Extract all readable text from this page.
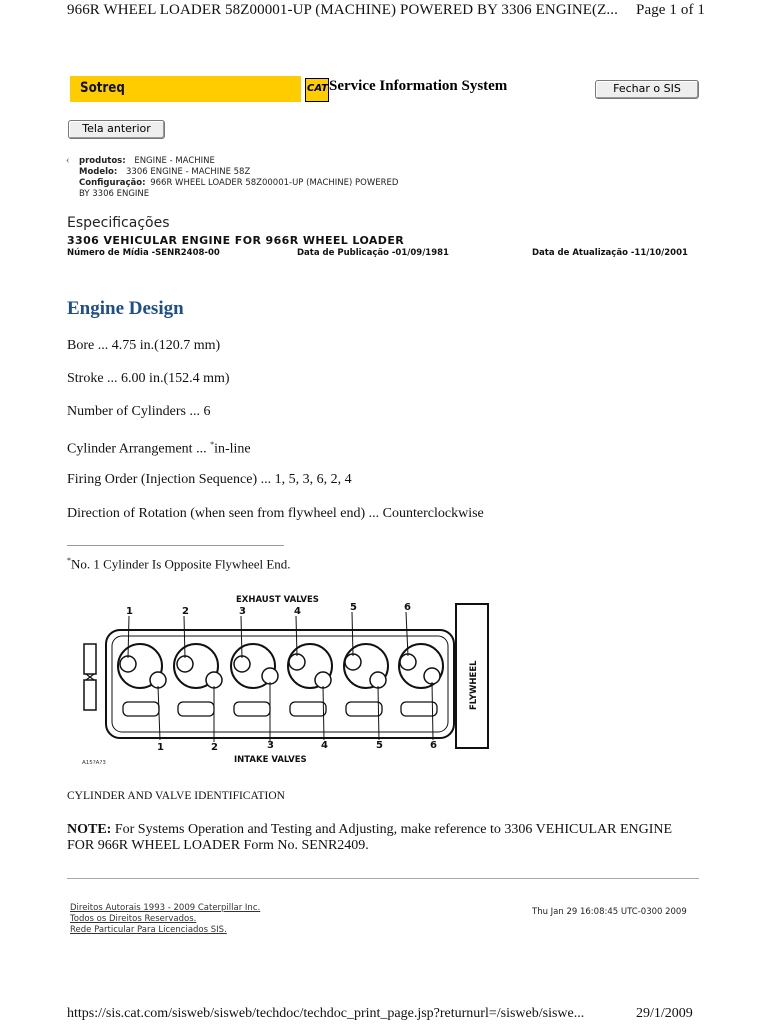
966R WHEEL LOADER 58Z00001-UP (MACHINE) POWERED BY 3306 ENGINE(Z... Page 1 of 1
Sotreq	CAT Service Information System	Fechar o SIS
Tela anterior
‹ produtos: ENGINE - MACHINE
Modelo: 3306 ENGINE - MACHINE 58Z
Configuração: 966R WHEEL LOADER 58Z00001-UP (MACHINE) POWERED
BY 3306 ENGINE
Especificações
3306 VEHICULAR ENGINE FOR 966R WHEEL LOADER
Número de Mídia -SENR2408-00	Data de Publicação -01/09/1981	Data de Atualização -11/10/2001
Engine Design
Bore ... 4.75 in.(120.7 mm)
Stroke ... 6.00 in.(152.4 mm)
Number of Cylinders ... 6
Cylinder Arrangement ... *in-line
Firing Order (Injection Sequence) ... 1, 5, 3, 6, 2, 4
Direction of Rotation (when seen from flywheel end) ... Counterclockwise
*No. 1 Cylinder Is Opposite Flywheel End.
1	2	3	4	5	6
1	2	3	4	5	6
EXHAUST VALVES
INTAKE VALVES
A15?A?3
FLYWHEEL
CYLINDER AND VALVE IDENTIFICATION
NOTE: For Systems Operation and Testing and Adjusting, make reference to 3306 VEHICULAR ENGINE
FOR 966R WHEEL LOADER Form No. SENR2409.
Direitos Autorais 1993 - 2009 Caterpillar Inc.
Todos os Direitos Reservados.
Rede Particular Para Licenciados SIS.
Thu Jan 29 16:08:45 UTC-0300 2009
https://sis.cat.com/sisweb/sisweb/techdoc/techdoc_print_page.jsp?returnurl=/sisweb/siswe...	29/1/2009
